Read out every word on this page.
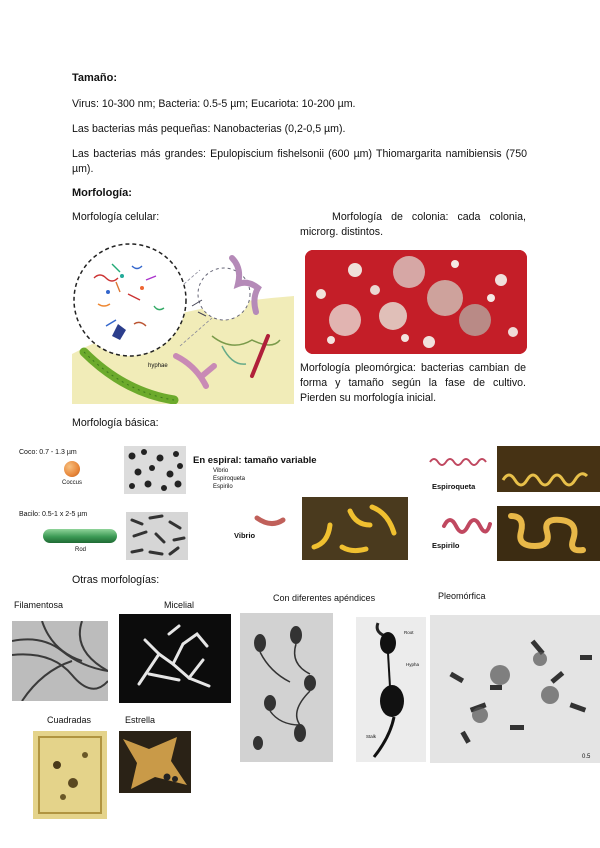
Tamaño:
Virus: 10-300 nm; Bacteria: 0.5-5 µm; Eucariota: 10-200 µm.
Las bacterias más pequeñas: Nanobacterias (0,2-0,5 µm).
Las bacterias más grandes: Epulopiscium fishelsonii (600 µm) Thiomargarita namibiensis (750 µm).
Morfología:
Morfología celular:	Morfología de colonia: cada colonia, microrg. distintos.
hyphae	Morfología pleomórgica: bacterias cambian de forma y tamaño según la fase de cultivo. Pierden su morfología inicial.
Morfología básica:
Coco: 0.7 - 1.3 µm
Coccus
En espiral: tamaño variable
Vibrio
Espiroqueta
Espirilo	Espiroqueta
Bacilo: 0.5-1 x 2-5 µm
Rod
Vibrio
Espirilo
Otras morfologías:
Filamentosa	Micelial
Con diferentes apéndices	Pleomórfica
Root
Hypha
Stalk
0.5
Cuadradas	Estrella
